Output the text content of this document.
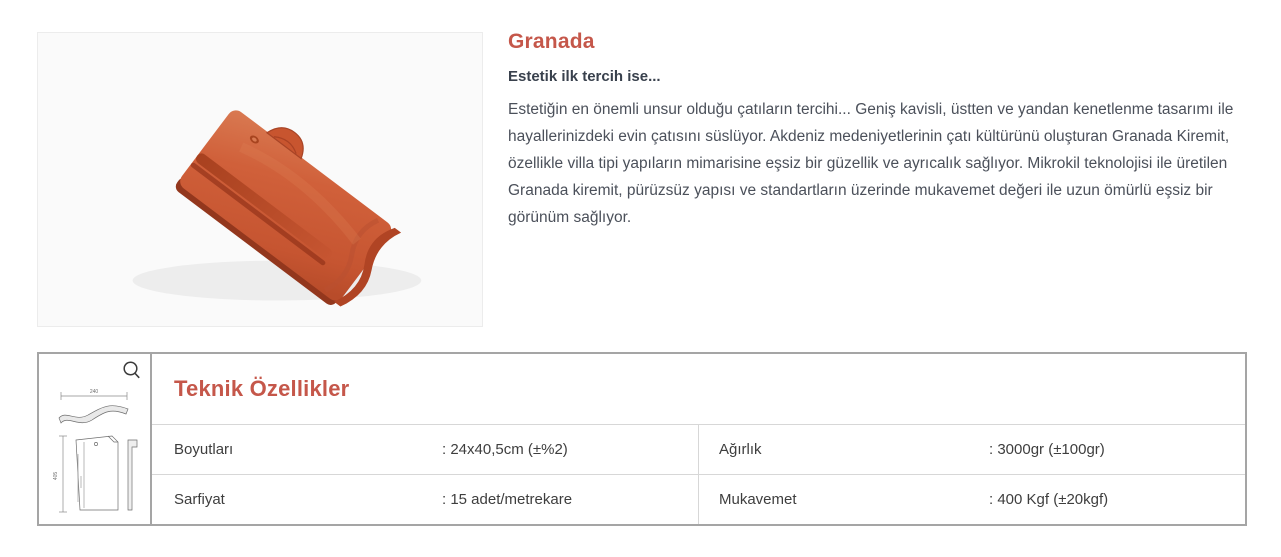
Granada
Estetik ilk tercih ise...

Estetiğin en önemli unsur olduğu çatıların tercihi... Geniş kavisli, üstten ve yandan kenetlenme tasarımı ile hayallerinizdeki evin çatısını süslüyor. Akdeniz medeniyetlerinin çatı kültürünü oluşturan Granada Kiremit, özellikle villa tipi yapıların mimarisine eşsiz bir güzellik ve ayrıcalık sağlıyor. Mikrokil teknolojisi ile üretilen Granada kiremit, pürüzsüz yapısı ve standartların üzerinde mukavemet değeri ile uzun ömürlü eşsiz bir görünüm sağlıyor.

240
405
Teknik Özellikler
Boyutları	: 24x40,5cm (±%2)	Ağırlık	: 3000gr (±100gr)
Sarfiyat	: 15 adet/metrekare	Mukavemet	: 400 Kgf (±20kgf)
